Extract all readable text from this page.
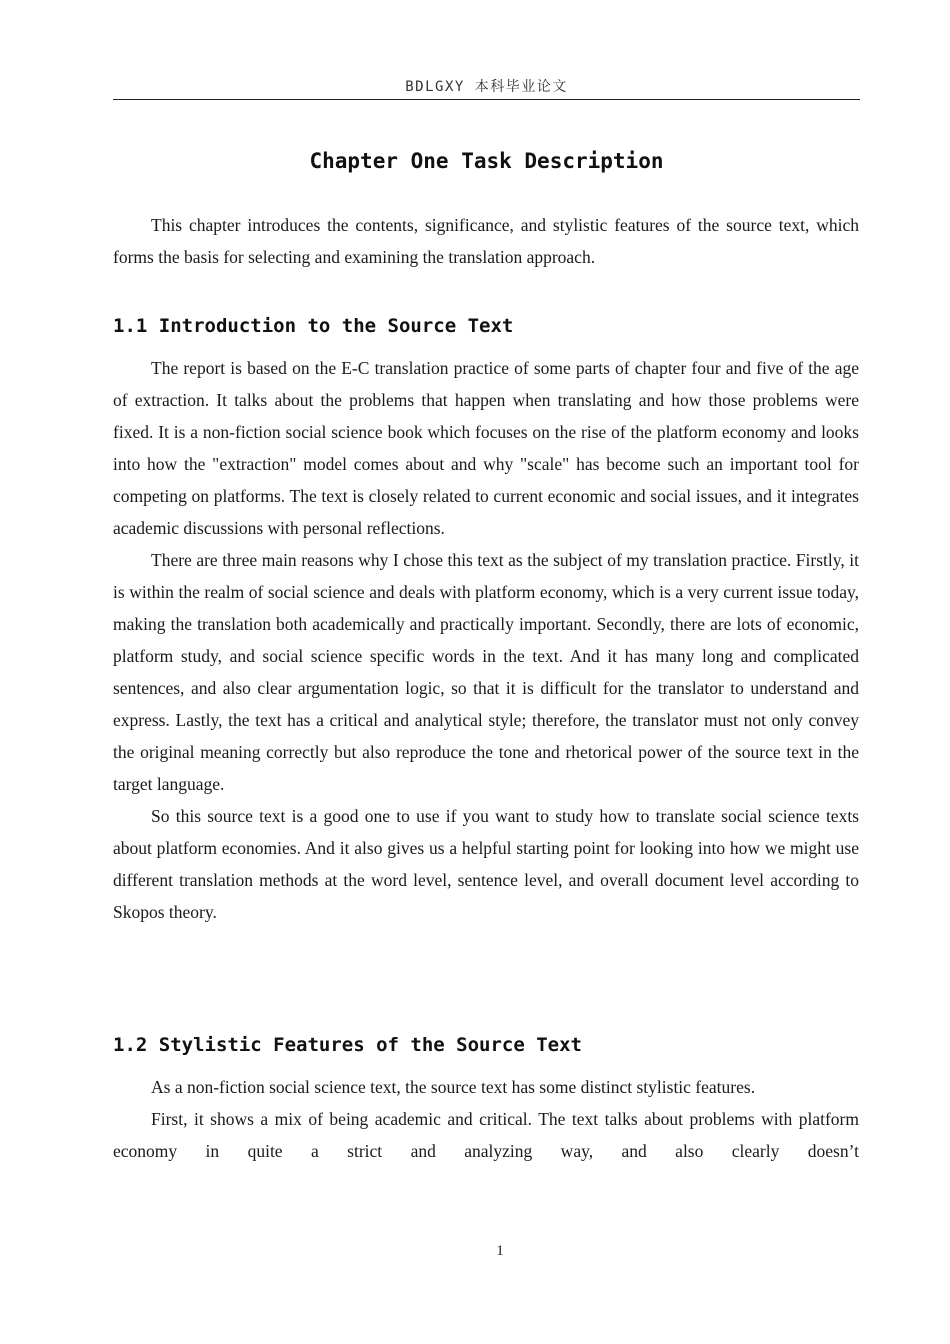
BDLGXY 本科毕业论文
Chapter One Task Description

This chapter introduces the contents, significance, and stylistic features of the source text, which forms the basis for selecting and examining the translation approach.

1.1 Introduction to the Source Text

The report is based on the E-C translation practice of some parts of chapter four and five of the age of extraction. It talks about the problems that happen when translating and how those problems were fixed. It is a non-fiction social science book which focuses on the rise of the platform economy and looks into how the "extraction" model comes about and why "scale" has become such an important tool for competing on platforms. The text is closely related to current economic and social issues, and it integrates academic discussions with personal reflections.

There are three main reasons why I chose this text as the subject of my translation practice. Firstly, it is within the realm of social science and deals with platform economy, which is a very current issue today, making the translation both academically and practically important. Secondly, there are lots of economic, platform study, and social science specific words in the text. And it has many long and complicated sentences, and also clear argumentation logic, so that it is difficult for the translator to understand and express. Lastly, the text has a critical and analytical style; therefore, the translator must not only convey the original meaning correctly but also reproduce the tone and rhetorical power of the source text in the target language.

So this source text is a good one to use if you want to study how to translate social science texts about platform economies. And it also gives us a helpful starting point for looking into how we might use different translation methods at the word level, sentence level, and overall document level according to Skopos theory.

1.2 Stylistic Features of the Source Text

As a non-fiction social science text, the source text has some distinct stylistic features.

First, it shows a mix of being academic and critical. The text talks about problems with platform economy in quite a strict and analyzing way, and also clearly doesn’t

1
